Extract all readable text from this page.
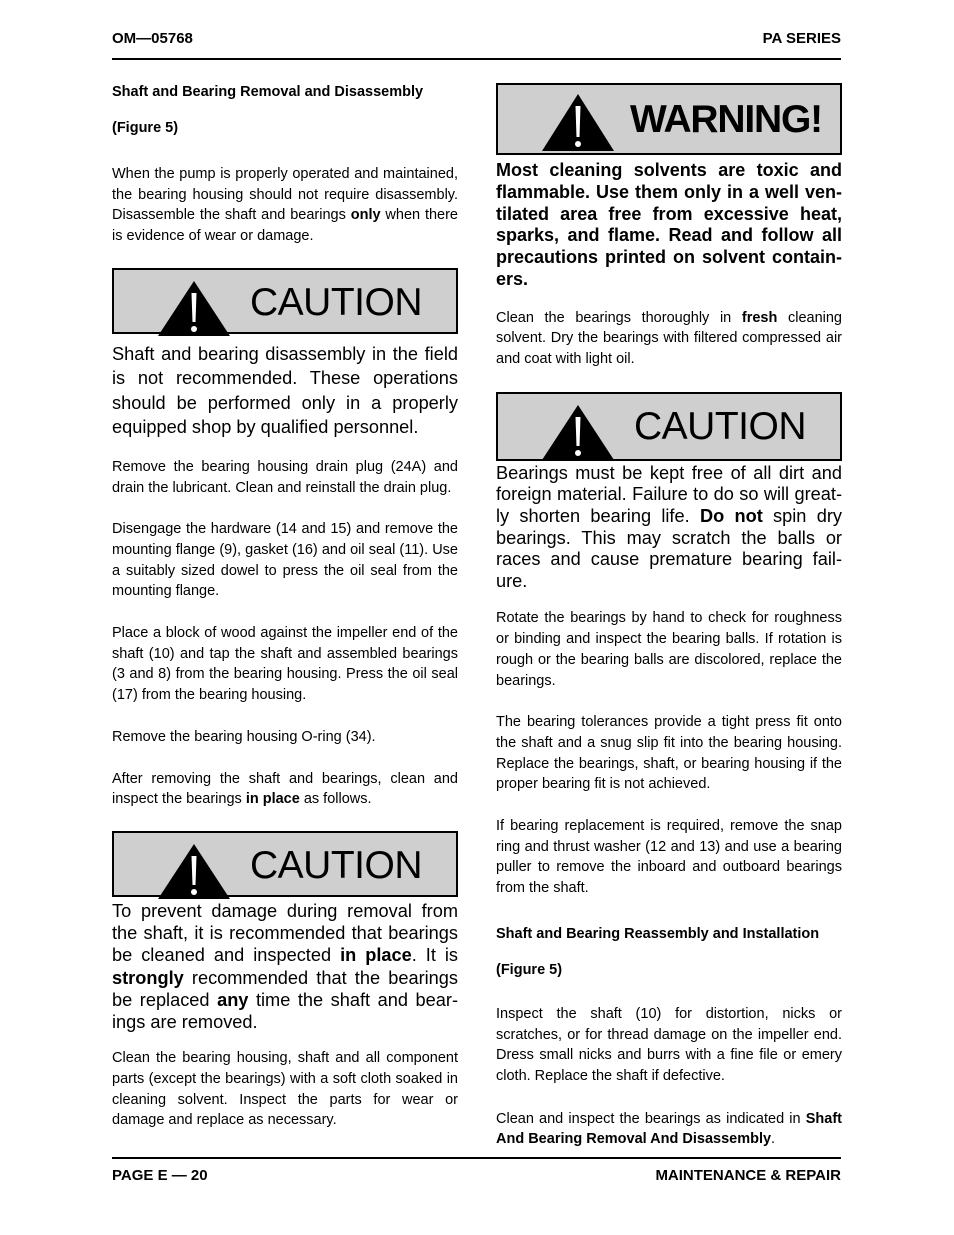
OM—05768	PA SERIES
Shaft and Bearing Removal and Disassembly
(Figure 5)

When the pump is properly operated and maintained, the bearing housing should not require disassembly. Disassemble the shaft and bearings only when there is evidence of wear or damage.

CAUTION

Shaft and bearing disassembly in the field is not recommended. These operations should be performed only in a properly equipped shop by qualified personnel.

Remove the bearing housing drain plug (24A) and drain the lubricant. Clean and reinstall the drain plug.

Disengage the hardware (14 and 15) and remove the mounting flange (9), gasket (16) and oil seal (11). Use a suitably sized dowel to press the oil seal from the mounting flange.

Place a block of wood against the impeller end of the shaft (10) and tap the shaft and assembled bearings (3 and 8) from the bearing housing. Press the oil seal (17) from the bearing housing.

Remove the bearing housing O-ring (34).

After removing the shaft and bearings, clean and inspect the bearings in place as follows.

CAUTION

To prevent damage during removal from the shaft, it is recommended that bearings be cleaned and inspected in place. It is strongly recommended that the bearings be replaced any time the shaft and bearings are removed.

Clean the bearing housing, shaft and all component parts (except the bearings) with a soft cloth soaked in cleaning solvent. Inspect the parts for wear or damage and replace as necessary.

WARNING!

Most cleaning solvents are toxic and flammable. Use them only in a well ventilated area free from excessive heat, sparks, and flame. Read and follow all precautions printed on solvent containers.

Clean the bearings thoroughly in fresh cleaning solvent. Dry the bearings with filtered compressed air and coat with light oil.

CAUTION

Bearings must be kept free of all dirt and foreign material. Failure to do so will greatly shorten bearing life. Do not spin dry bearings. This may scratch the balls or races and cause premature bearing failure.

Rotate the bearings by hand to check for roughness or binding and inspect the bearing balls. If rotation is rough or the bearing balls are discolored, replace the bearings.

The bearing tolerances provide a tight press fit onto the shaft and a snug slip fit into the bearing housing. Replace the bearings, shaft, or bearing housing if the proper bearing fit is not achieved.

If bearing replacement is required, remove the snap ring and thrust washer (12 and 13) and use a bearing puller to remove the inboard and outboard bearings from the shaft.

Shaft and Bearing Reassembly and Installation
(Figure 5)

Inspect the shaft (10) for distortion, nicks or scratches, or for thread damage on the impeller end. Dress small nicks and burrs with a fine file or emery cloth. Replace the shaft if defective.

Clean and inspect the bearings as indicated in Shaft And Bearing Removal And Disassembly.

PAGE E — 20	MAINTENANCE & REPAIR
